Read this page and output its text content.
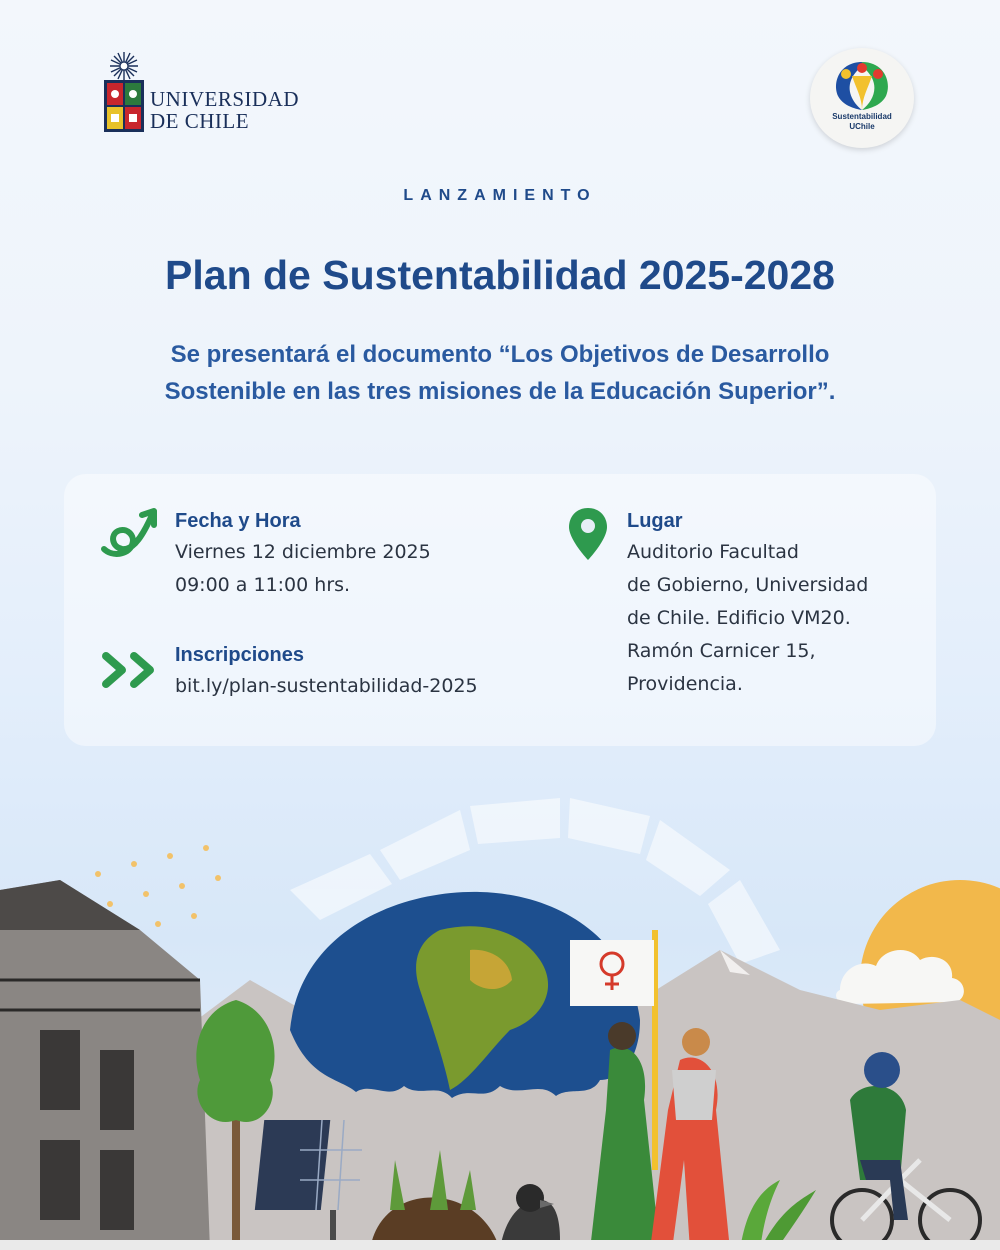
UNIVERSIDAD
DE CHILE	Sustentabilidad
UChile
LANZAMIENTO
Plan de Sustentabilidad 2025-2028
Se presentará el documento “Los Objetivos de Desarrollo
Sostenible en las tres misiones de la Educación Superior”.
Fecha y Hora
Viernes 12 diciembre 2025
09:00 a 11:00 hrs.
Inscripciones
bit.ly/plan-sustentabilidad-2025
Lugar
Auditorio Facultad
de Gobierno, Universidad
de Chile. Edificio VM20.
Ramón Carnicer 15,
Providencia.
